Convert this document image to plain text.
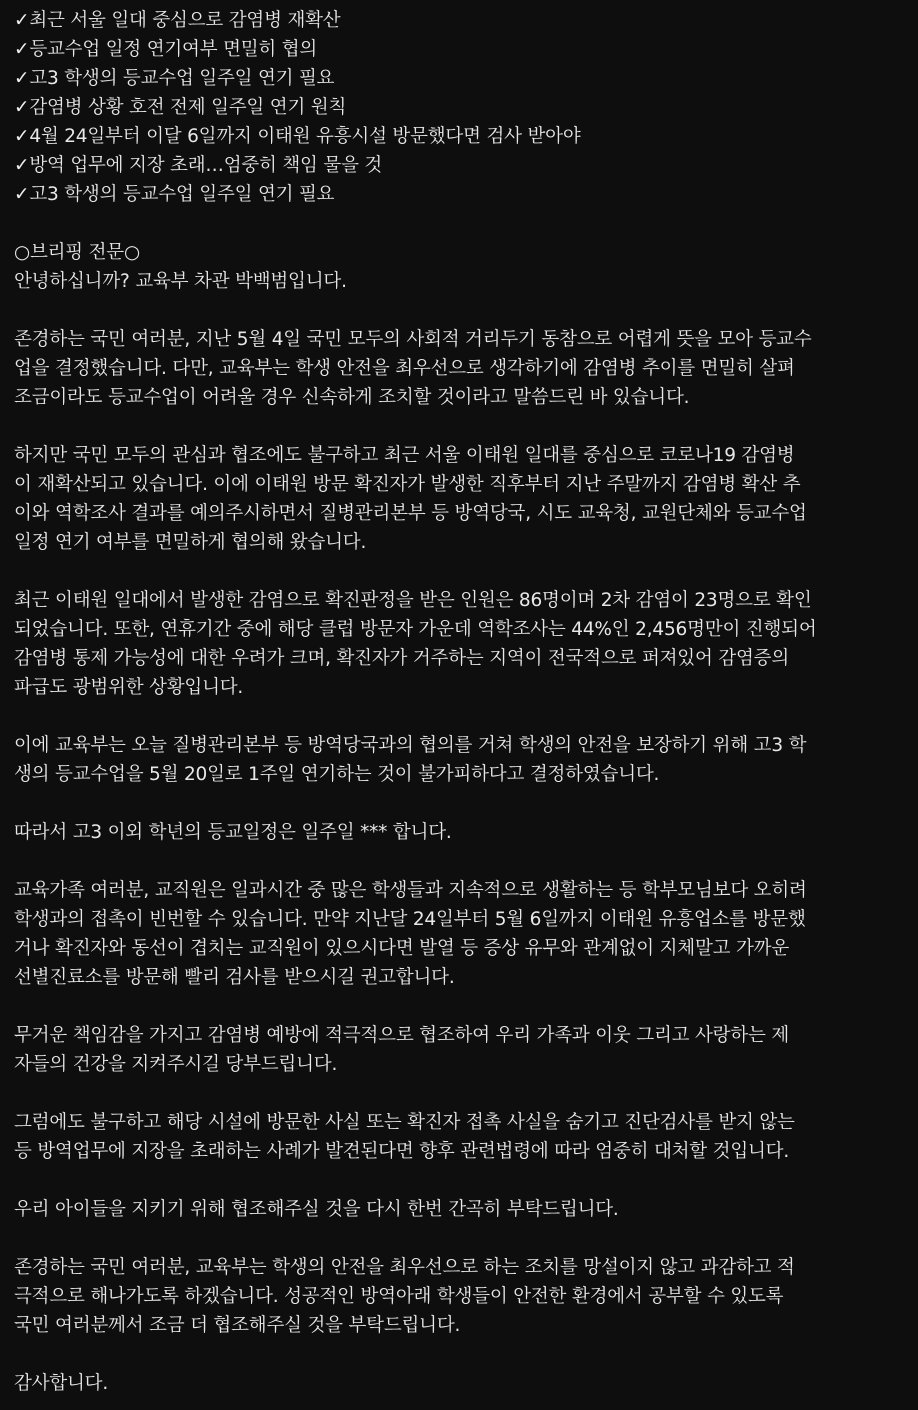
✓최근 서울 일대 중심으로 감염병 재확산

✓등교수업 일정 연기여부 면밀히 협의

✓고3 학생의 등교수업 일주일 연기 필요

✓감염병 상황 호전 전제 일주일 연기 원칙

✓4월 24일부터 이달 6일까지 이태원 유흥시설 방문했다면 검사 받아야

✓방역 업무에 지장 초래…엄중히 책임 물을 것

✓고3 학생의 등교수업 일주일 연기 필요

○브리핑 전문○

안녕하십니까? 교육부 차관 박백범입니다.

존경하는 국민 여러분, 지난 5월 4일 국민 모두의 사회적 거리두기 동참으로 어렵게 뜻을 모아 등교수

업을 결정했습니다. 다만, 교육부는 학생 안전을 최우선으로 생각하기에 감염병 추이를 면밀히 살펴

조금이라도 등교수업이 어려울 경우 신속하게 조치할 것이라고 말씀드린 바 있습니다.

하지만 국민 모두의 관심과 협조에도 불구하고 최근 서울 이태원 일대를 중심으로 코로나19 감염병

이 재확산되고 있습니다. 이에 이태원 방문 확진자가 발생한 직후부터 지난 주말까지 감염병 확산 추

이와 역학조사 결과를 예의주시하면서 질병관리본부 등 방역당국, 시도 교육청, 교원단체와 등교수업

일정 연기 여부를 면밀하게 협의해 왔습니다.

최근 이태원 일대에서 발생한 감염으로 확진판정을 받은 인원은 86명이며 2차 감염이 23명으로 확인

되었습니다. 또한, 연휴기간 중에 해당 클럽 방문자 가운데 역학조사는 44%인 2,456명만이 진행되어

감염병 통제 가능성에 대한 우려가 크며, 확진자가 거주하는 지역이 전국적으로 퍼져있어 감염증의

파급도 광범위한 상황입니다.

이에 교육부는 오늘 질병관리본부 등 방역당국과의 협의를 거쳐 학생의 안전을 보장하기 위해 고3 학

생의 등교수업을 5월 20일로 1주일 연기하는 것이 불가피하다고 결정하였습니다.

따라서 고3 이외 학년의 등교일정은 일주일 *** 합니다.

교육가족 여러분, 교직원은 일과시간 중 많은 학생들과 지속적으로 생활하는 등 학부모님보다 오히려

학생과의 접촉이 빈번할 수 있습니다. 만약 지난달 24일부터 5월 6일까지 이태원 유흥업소를 방문했

거나 확진자와 동선이 겹치는 교직원이 있으시다면 발열 등 증상 유무와 관계없이 지체말고 가까운

선별진료소를 방문해 빨리 검사를 받으시길 권고합니다.

무거운 책임감을 가지고 감염병 예방에 적극적으로 협조하여 우리 가족과 이웃 그리고 사랑하는 제

자들의 건강을 지켜주시길 당부드립니다.

그럼에도 불구하고 해당 시설에 방문한 사실 또는 확진자 접촉 사실을 숨기고 진단검사를 받지 않는

등 방역업무에 지장을 초래하는 사례가 발견된다면 향후 관련법령에 따라 엄중히 대처할 것입니다.

우리 아이들을 지키기 위해 협조해주실 것을 다시 한번 간곡히 부탁드립니다.

존경하는 국민 여러분, 교육부는 학생의 안전을 최우선으로 하는 조치를 망설이지 않고 과감하고 적

극적으로 해나가도록 하겠습니다. 성공적인 방역아래 학생들이 안전한 환경에서 공부할 수 있도록

국민 여러분께서 조금 더 협조해주실 것을 부탁드립니다.

감사합니다.
